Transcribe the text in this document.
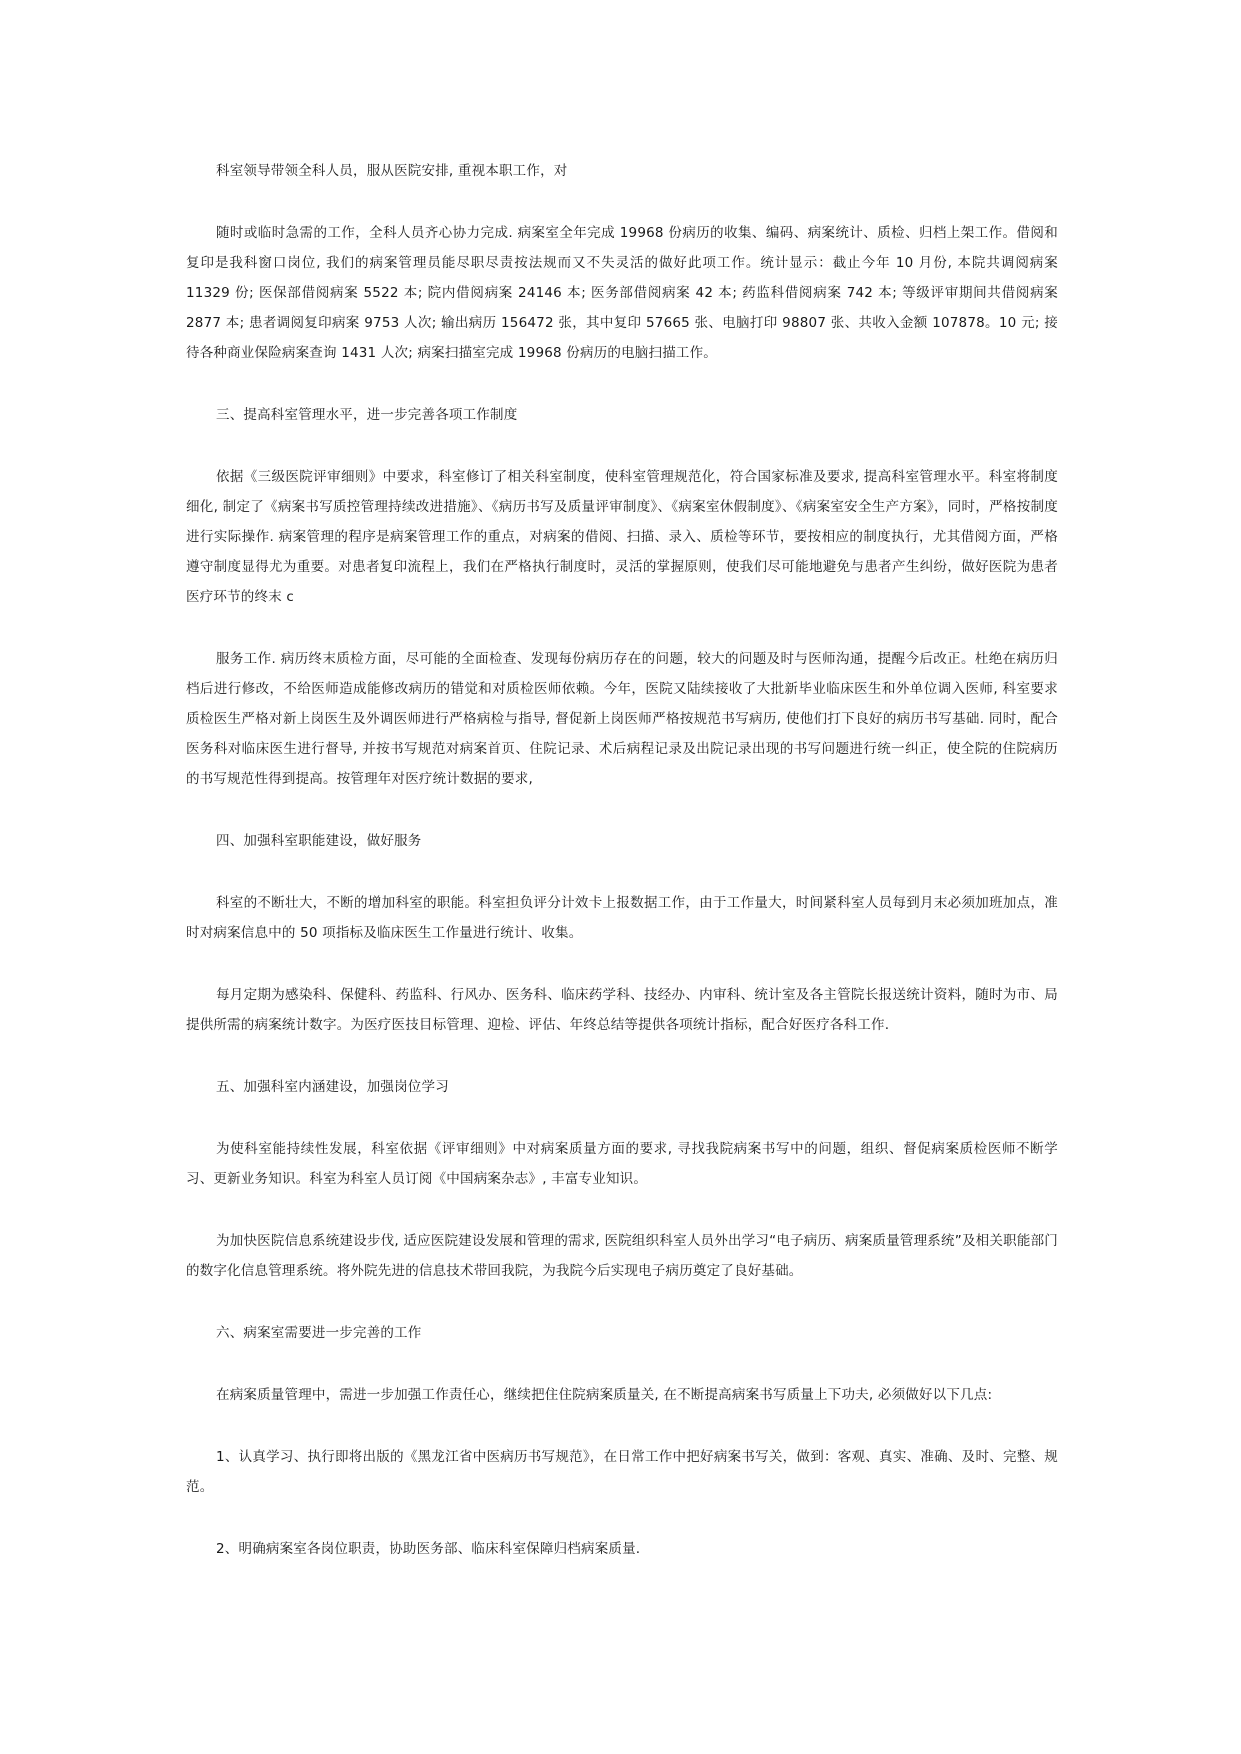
科室领导带领全科人员，服从医院安排, 重视本职工作，对

随时或临时急需的工作，全科人员齐心协力完成. 病案室全年完成 19968 份病历的收集、编码、病案统计、质检、归档上架工作。借阅和复印是我科窗口岗位, 我们的病案管理员能尽职尽责按法规而又不失灵活的做好此项工作。统计显示：截止今年 10 月份, 本院共调阅病案 11329 份; 医保部借阅病案 5522 本; 院内借阅病案 24146 本; 医务部借阅病案 42 本; 药监科借阅病案 742 本; 等级评审期间共借阅病案 2877 本; 患者调阅复印病案 9753 人次; 输出病历 156472 张，其中复印 57665 张、电脑打印 98807 张、共收入金额 107878。10 元; 接待各种商业保险病案查询 1431 人次; 病案扫描室完成 19968 份病历的电脑扫描工作。

三、提高科室管理水平，进一步完善各项工作制度

依据《三级医院评审细则》中要求，科室修订了相关科室制度，使科室管理规范化，符合国家标准及要求, 提高科室管理水平。科室将制度细化, 制定了《病案书写质控管理持续改进措施》、《病历书写及质量评审制度》、《病案室休假制度》、《病案室安全生产方案》，同时，严格按制度进行实际操作. 病案管理的程序是病案管理工作的重点，对病案的借阅、扫描、录入、质检等环节，要按相应的制度执行，尤其借阅方面，严格遵守制度显得尤为重要。对患者复印流程上，我们在严格执行制度时，灵活的掌握原则，使我们尽可能地避免与患者产生纠纷，做好医院为患者医疗环节的终末 c

服务工作. 病历终末质检方面，尽可能的全面检查、发现每份病历存在的问题，较大的问题及时与医师沟通，提醒今后改正。杜绝在病历归档后进行修改，不给医师造成能修改病历的错觉和对质检医师依赖。今年，医院又陆续接收了大批新毕业临床医生和外单位调入医师, 科室要求质检医生严格对新上岗医生及外调医师进行严格病检与指导, 督促新上岗医师严格按规范书写病历, 使他们打下良好的病历书写基础. 同时，配合医务科对临床医生进行督导, 并按书写规范对病案首页、住院记录、术后病程记录及出院记录出现的书写问题进行统一纠正，使全院的住院病历的书写规范性得到提高。按管理年对医疗统计数据的要求,

四、加强科室职能建设，做好服务

科室的不断壮大，不断的增加科室的职能。科室担负评分计效卡上报数据工作，由于工作量大，时间紧科室人员每到月末必须加班加点，准时对病案信息中的 50 项指标及临床医生工作量进行统计、收集。

每月定期为感染科、保健科、药监科、行风办、医务科、临床药学科、技经办、内审科、统计室及各主管院长报送统计资料，随时为市、局提供所需的病案统计数字。为医疗医技目标管理、迎检、评估、年终总结等提供各项统计指标，配合好医疗各科工作.

五、加强科室内涵建设，加强岗位学习

为使科室能持续性发展，科室依据《评审细则》中对病案质量方面的要求, 寻找我院病案书写中的问题，组织、督促病案质检医师不断学习、更新业务知识。科室为科室人员订阅《中国病案杂志》, 丰富专业知识。

为加快医院信息系统建设步伐, 适应医院建设发展和管理的需求, 医院组织科室人员外出学习“电子病历、病案质量管理系统”及相关职能部门的数字化信息管理系统。将外院先进的信息技术带回我院，为我院今后实现电子病历奠定了良好基础。

六、病案室需要进一步完善的工作

在病案质量管理中，需进一步加强工作责任心，继续把住住院病案质量关, 在不断提高病案书写质量上下功夫, 必须做好以下几点:

1、认真学习、执行即将出版的《黑龙江省中医病历书写规范》，在日常工作中把好病案书写关，做到：客观、真实、准确、及时、完整、规范。

2、明确病案室各岗位职责，协助医务部、临床科室保障归档病案质量.
